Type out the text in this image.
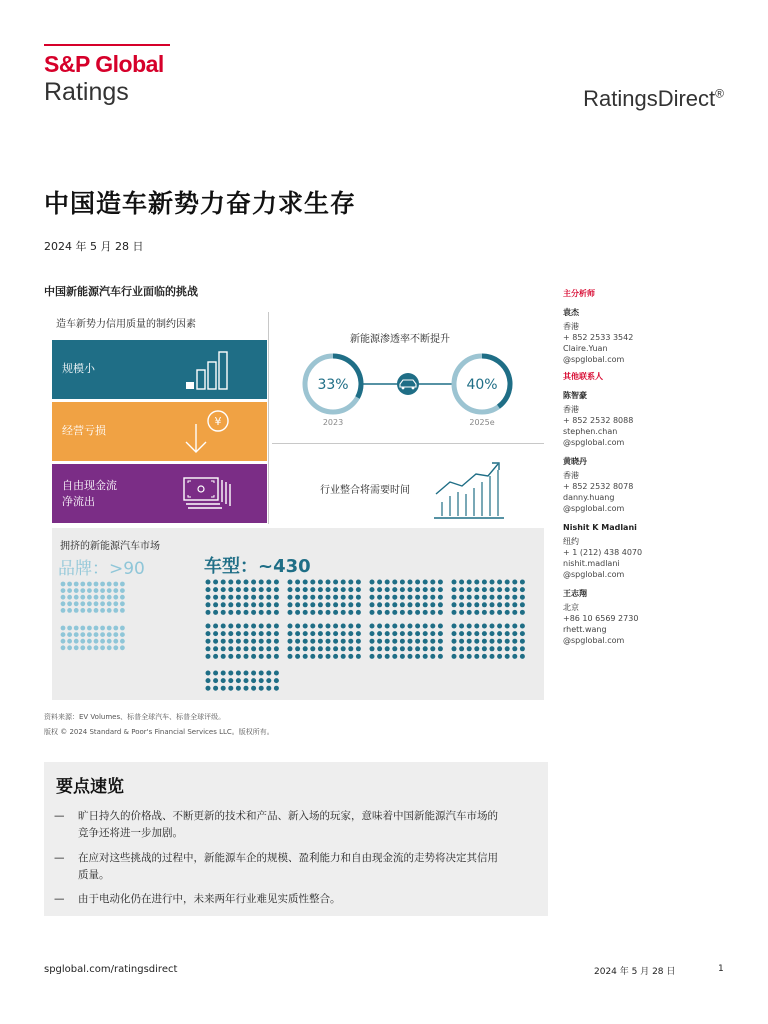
S&P Global
Ratings	RatingsDirect®
中国造车新势力奋力求生存
2024 年 5 月 28 日
中国新能源汽车行业面临的挑战
造车新势力信用质量的制约因素
规模小
经营亏损
¥
自由现金流
净流出
新能源渗透率不断提升
33%
2023
40%
2025e
行业整合将需要时间
拥挤的新能源汽车市场
品牌：>90	车型：~430
资料来源：EV Volumes、标普全球汽车、标普全球评级。
版权 © 2024 Standard & Poor's Financial Services LLC。版权所有。
主分析师
袁杰
香港
+ 852 2533 3542
Claire.Yuan
@spglobal.com
其他联系人
陈智豪
香港
+ 852 2532 8088
stephen.chan
@spglobal.com
黄晓丹
香港
+ 852 2532 8078
danny.huang
@spglobal.com
Nishit K Madlani
纽约
+ 1 (212) 438 4070
nishit.madlani
@spglobal.com
王志翔
北京
+86 10 6569 2730
rhett.wang
@spglobal.com
要点速览
— 旷日持久的价格战、不断更新的技术和产品、新入场的玩家，意味着中国新能源汽车市场的
竞争还将进一步加剧。
— 在应对这些挑战的过程中，新能源车企的规模、盈利能力和自由现金流的走势将决定其信用
质量。
— 由于电动化仍在进行中，未来两年行业难见实质性整合。
spglobal.com/ratingsdirect	2024 年 5 月 28 日	1
